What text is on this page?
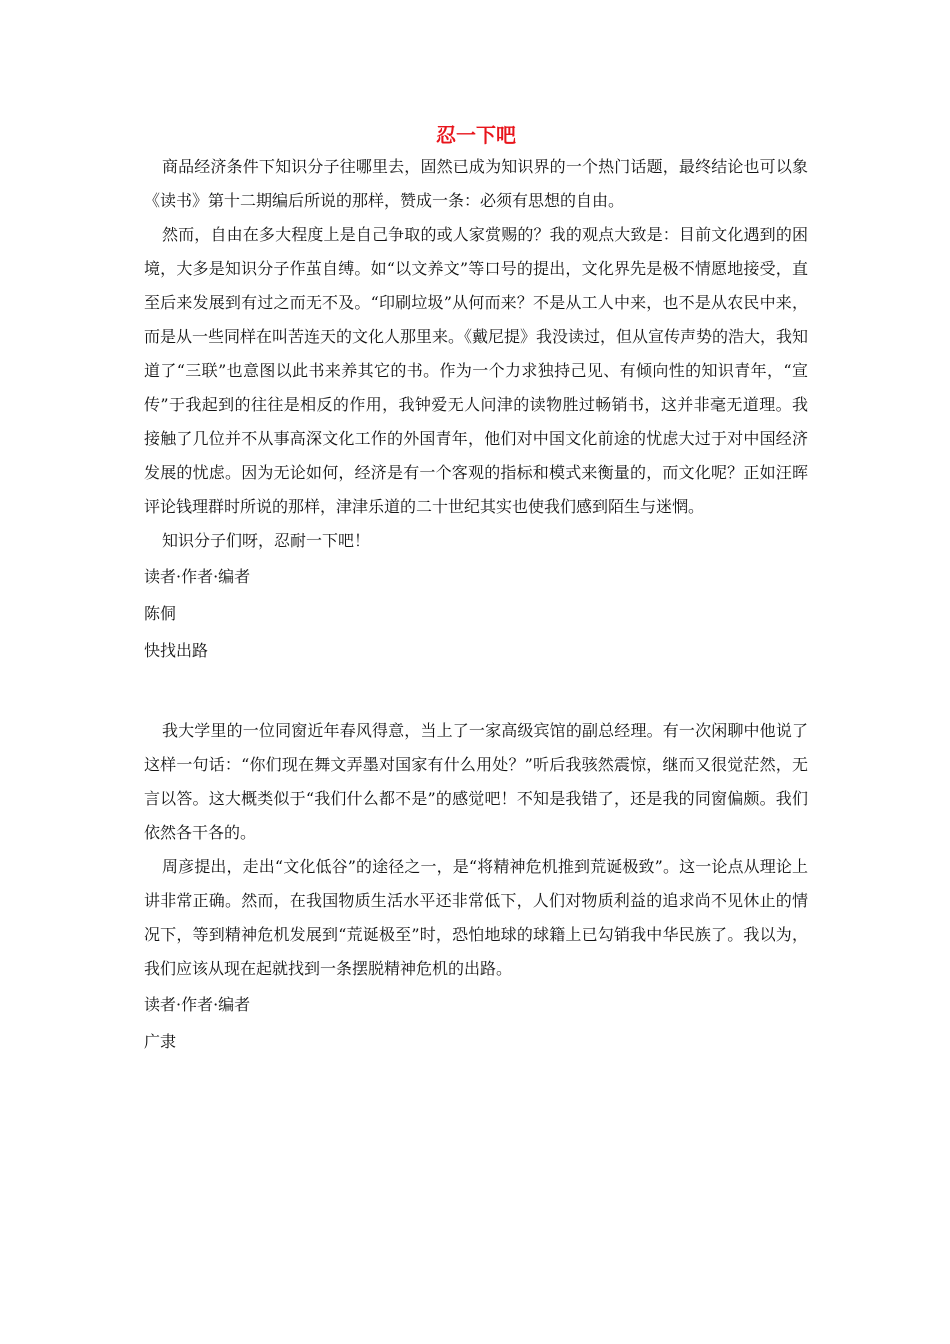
忍一下吧

商品经济条件下知识分子往哪里去，固然已成为知识界的一个热门话题，最终结论也可以象《读书》第十二期编后所说的那样，赞成一条：必须有思想的自由。

然而，自由在多大程度上是自己争取的或人家赏赐的？我的观点大致是：目前文化遇到的困境，大多是知识分子作茧自缚。如“以文养文”等口号的提出，文化界先是极不情愿地接受，直至后来发展到有过之而无不及。“印刷垃圾”从何而来？不是从工人中来，也不是从农民中来，而是从一些同样在叫苦连天的文化人那里来。《戴尼提》我没读过，但从宣传声势的浩大，我知道了“三联”也意图以此书来养其它的书。作为一个力求独持己见、有倾向性的知识青年，“宣传”于我起到的往往是相反的作用，我钟爱无人问津的读物胜过畅销书，这并非毫无道理。我接触了几位并不从事高深文化工作的外国青年，他们对中国文化前途的忧虑大过于对中国经济发展的忧虑。因为无论如何，经济是有一个客观的指标和模式来衡量的，而文化呢？正如汪晖评论钱理群时所说的那样，津津乐道的二十世纪其实也使我们感到陌生与迷惘。

知识分子们呀，忍耐一下吧！

读者·作者·编者

陈侗

快找出路

我大学里的一位同窗近年春风得意，当上了一家高级宾馆的副总经理。有一次闲聊中他说了这样一句话：“你们现在舞文弄墨对国家有什么用处？”听后我骇然震惊，继而又很觉茫然，无言以答。这大概类似于“我们什么都不是”的感觉吧！不知是我错了，还是我的同窗偏颇。我们依然各干各的。

周彦提出，走出“文化低谷”的途径之一，是“将精神危机推到荒诞极致”。这一论点从理论上讲非常正确。然而，在我国物质生活水平还非常低下，人们对物质利益的追求尚不见休止的情况下，等到精神危机发展到“荒诞极至”时，恐怕地球的球籍上已勾销我中华民族了。我以为，我们应该从现在起就找到一条摆脱精神危机的出路。

读者·作者·编者

广隶
